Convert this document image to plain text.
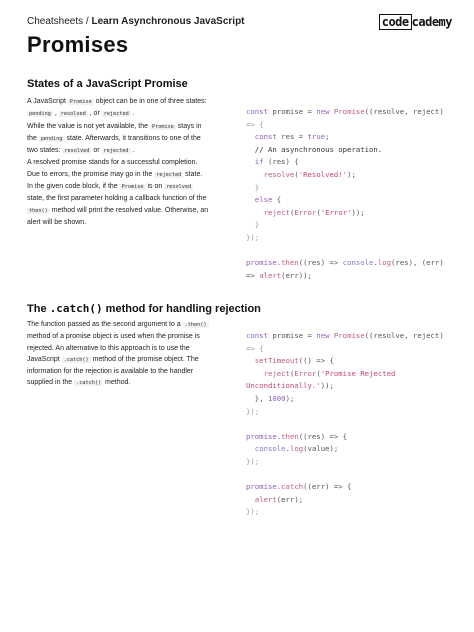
Cheatsheets / Learn Asynchronous JavaScript	code cademy
Promises
States of a JavaScript Promise
A JavaScript Promise object can be in one of three states: pending , resolved , or rejected .
While the value is not yet available, the Promise stays in the pending state. Afterwards, it transitions to one of the two states: resolved or rejected .
A resolved promise stands for a successful completion. Due to errors, the promise may go in the rejected state.
In the given code block, if the Promise is on resolved state, the first parameter holding a callback function of the then() method will print the resolved value. Otherwise, an alert will be shown.
const promise = new Promise((resolve, reject)
=> {
const res = true;
// An asynchronous operation.
if (res) {
resolve('Resolved!');
}
else {
reject(Error('Error'));
}
});

promise.then((res) => console.log(res), (err)
=> alert(err));
The .catch() method for handling rejection
The function passed as the second argument to a .then() method of a promise object is used when the promise is rejected. An alternative to this approach is to use the JavaScript .catch() method of the promise object. The information for the rejection is available to the handler supplied in the .catch() method.
const promise = new Promise((resolve, reject)
=> {
setTimeout(() => {
reject(Error('Promise Rejected
Unconditionally.'));
}, 1000);
});

promise.then((res) => {
console.log(value);
});

promise.catch((err) => {
alert(err);
});
